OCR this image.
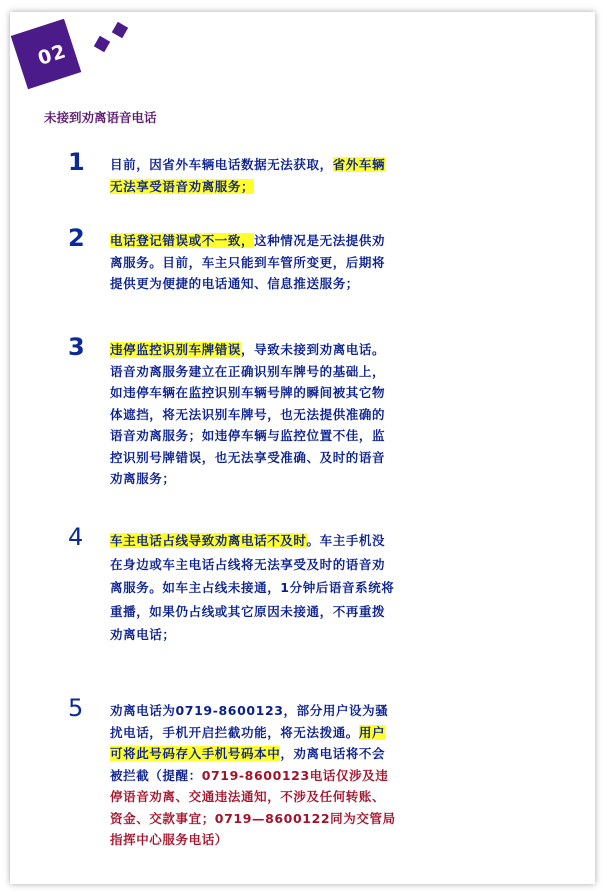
02
未接到劝离语音电话
1	目前，因省外车辆电话数据无法获取，省外车辆无法享受语音劝离服务；
2	电话登记错误或不一致，这种情况是无法提供劝离服务。目前，车主只能到车管所变更，后期将提供更为便捷的电话通知、信息推送服务；
3	违停监控识别车牌错误，导致未接到劝离电话。语音劝离服务建立在正确识别车牌号的基础上，如违停车辆在监控识别车辆号牌的瞬间被其它物体遮挡，将无法识别车牌号，也无法提供准确的语音劝离服务；如违停车辆与监控位置不佳，监控识别号牌错误，也无法享受准确、及时的语音劝离服务；
4	车主电话占线导致劝离电话不及时。车主手机没在身边或车主电话占线将无法享受及时的语音劝离服务。如车主占线未接通，1分钟后语音系统将重播，如果仍占线或其它原因未接通，不再重拨劝离电话；
5	劝离电话为0719-8600123，部分用户设为骚扰电话，手机开启拦截功能，将无法拨通。用户可将此号码存入手机号码本中，劝离电话将不会被拦截（提醒：0719-8600123电话仅涉及违停语音劝离、交通违法通知，不涉及任何转账、资金、交款事宜；0719—8600122同为交管局指挥中心服务电话）
